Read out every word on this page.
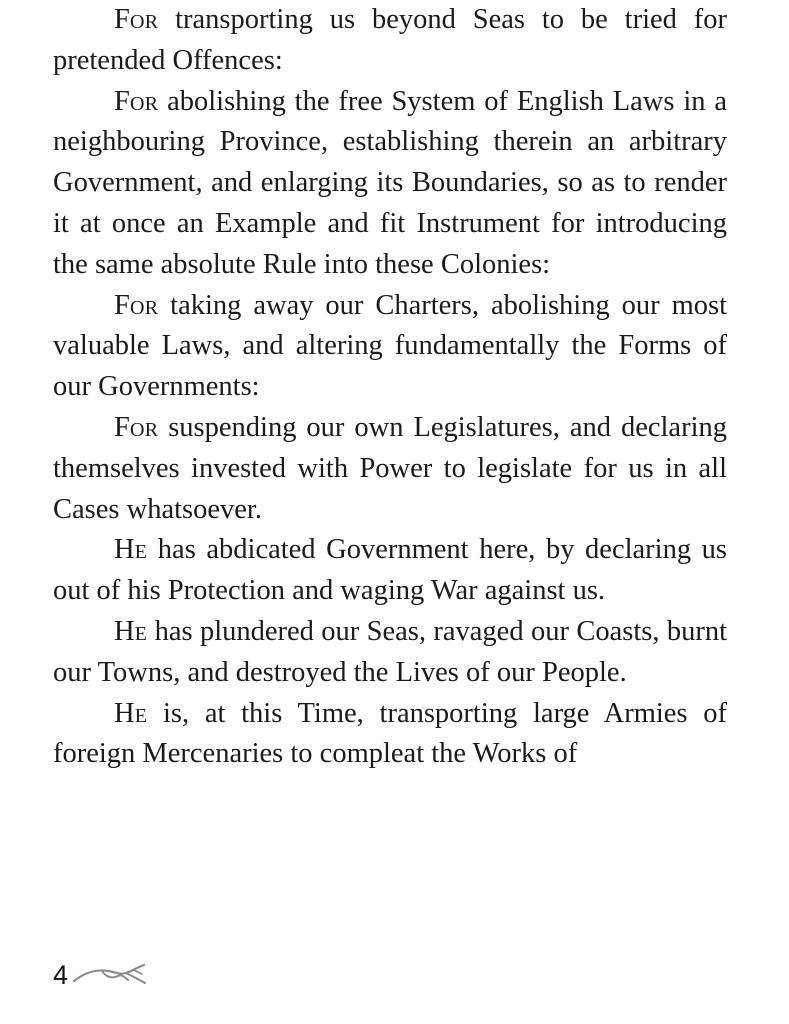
For transporting us beyond Seas to be tried for pretended Offences:

For abolishing the free System of English Laws in a neighbouring Province, establishing therein an arbitrary Government, and enlarging its Boundaries, so as to render it at once an Example and fit Instrument for introducing the same absolute Rule into these Colonies:

For taking away our Charters, abolishing our most valuable Laws, and altering fundamentally the Forms of our Governments:

For suspending our own Legislatures, and declaring themselves invested with Power to legislate for us in all Cases whatsoever.

He has abdicated Government here, by declaring us out of his Protection and waging War against us.

He has plundered our Seas, ravaged our Coasts, burnt our Towns, and destroyed the Lives of our People.

He is, at this Time, transporting large Armies of foreign Mercenaries to compleat the Works of

4
